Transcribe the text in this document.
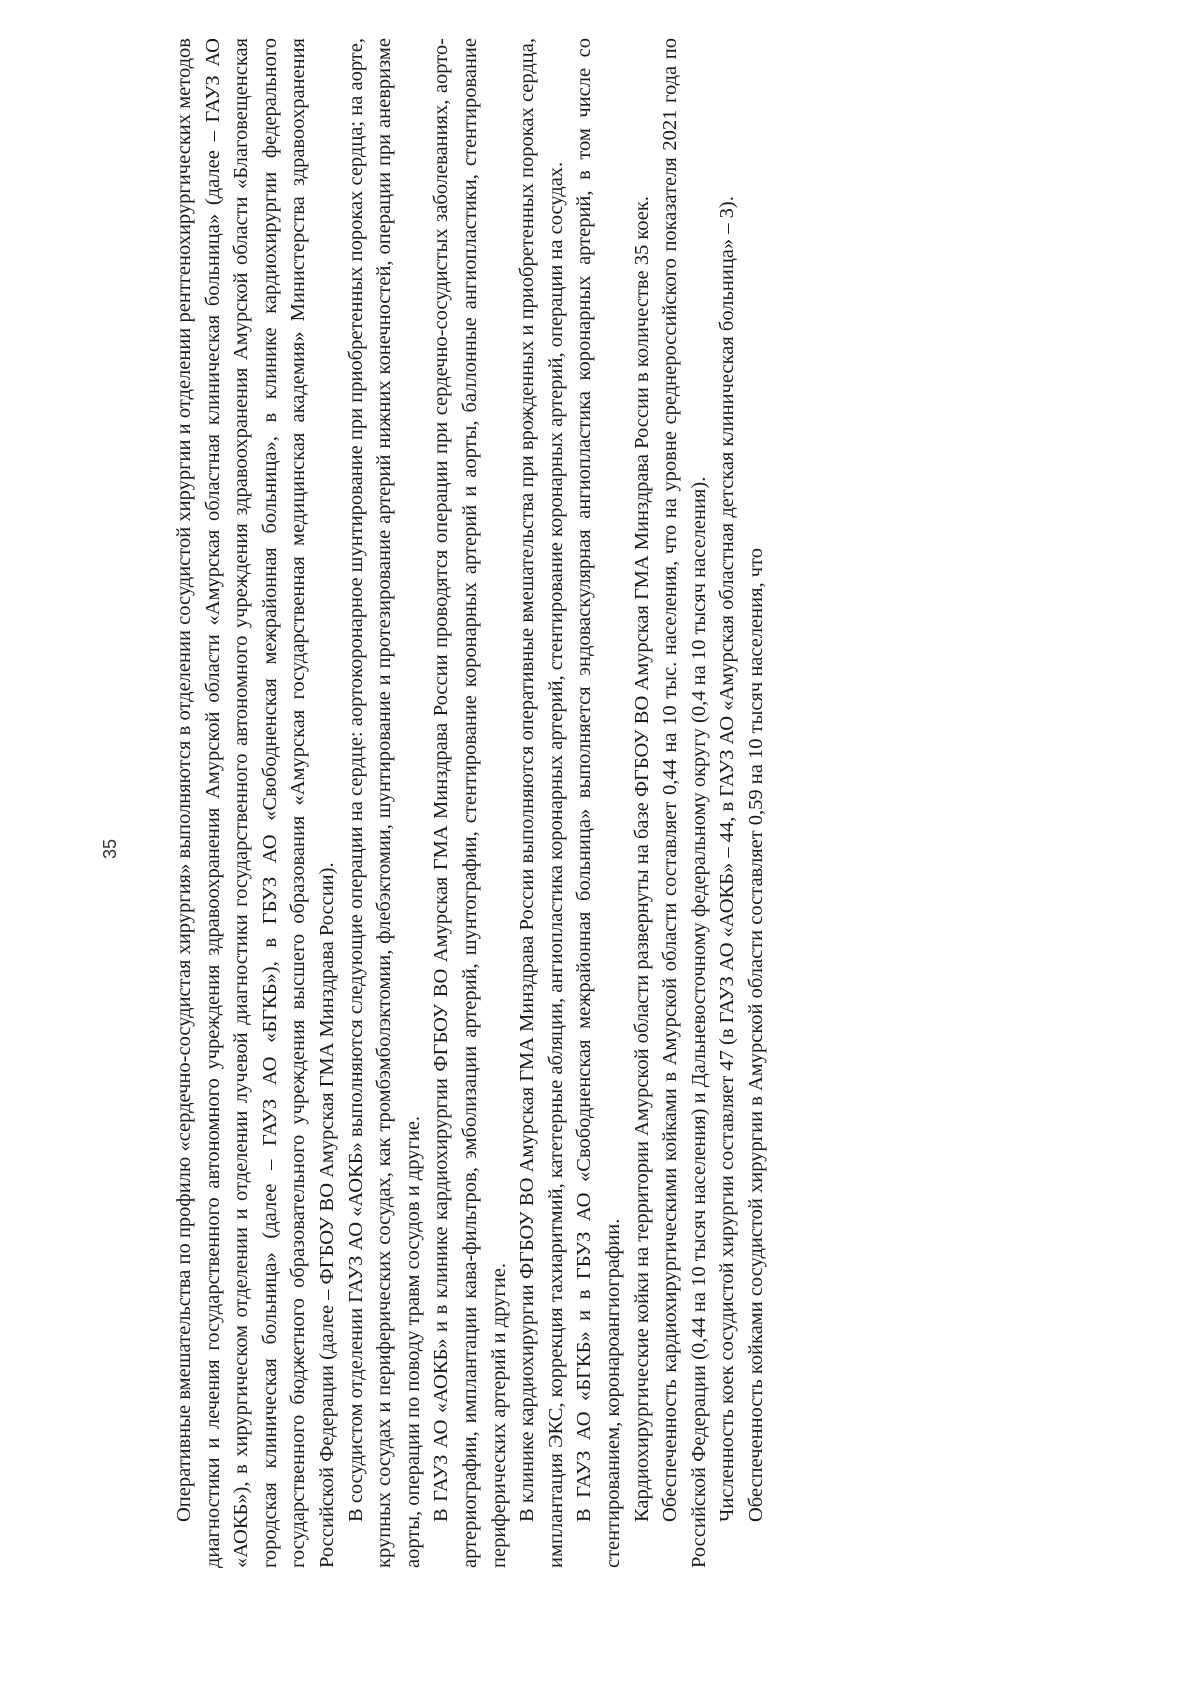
35	Оперативные вмешательства по профилю «сердечно-сосудистая хирургия» выполняются в отделении сосудистой хирургии и отделении рентгенохирургических методов диагностики и лечения государственного автономного учреждения здравоохранения Амурской области «Амурская областная клиническая больница» (далее – ГАУЗ АО «АОКБ»), в хирургическом отделении и отделении лучевой диагностики государственного автономного учреждения здравоохранения Амурской области «Благовещенская городская клиническая больница» (далее – ГАУЗ АО «БГКБ»), в ГБУЗ АО «Свободненская межрайонная больница», в клинике кардиохирургии федерального государственного бюджетного образовательного учреждения высшего образования «Амурская государственная медицинская академия» Министерства здравоохранения Российской Федерации (далее – ФГБОУ ВО Амурская ГМА Минздрава России). В сосудистом отделении ГАУЗ АО «АОКБ» выполняются следующие операции на сердце: аортокоронарное шунтирование при приобретенных пороках сердца; на аорте, крупных сосудах и периферических сосудах, как тромбэмболэктомии, флебэктомии, шунтирование и протезирование артерий нижних конечностей, операции при аневризме аорты, операции по поводу травм сосудов и другие. В ГАУЗ АО «АОКБ» и в клинике кардиохирургии ФГБОУ ВО Амурская ГМА Минздрава России проводятся операции при сердечно-сосудистых заболеваниях, аорто-артериографии, имплантации кава-фильтров, эмболизации артерий, шунтографии, стентирование коронарных артерий и аорты, баллонные ангиопластики, стентирование периферических артерий и другие. В клинике кардиохирургии ФГБОУ ВО Амурская ГМА Минздрава России выполняются оперативные вмешательства при врожденных и приобретенных пороках сердца, имплантация ЭКС, коррекция тахиаритмий, катетерные абляции, ангиопластика коронарных артерий, стентирование коронарных артерий, операции на сосудах. В ГАУЗ АО «БГКБ» и в ГБУЗ АО «Свободненская межрайонная больница» выполняется эндоваскулярная ангиопластика коронарных артерий, в том числе со стентированием, коронароангиографии. Кардиохирургические койки на территории Амурской области развернуты на базе ФГБОУ ВО Амурская ГМА Минздрава России в количестве 35 коек. Обеспеченность кардиохирургическими койками в Амурской области составляет 0,44 на 10 тыс. населения, что на уровне среднероссийского показателя 2021 года по Российской Федерации (0,44 на 10 тысяч населения) и Дальневосточному федеральному округу (0,4 на 10 тысяч населения). Численность коек сосудистой хирургии составляет 47 (в ГАУЗ АО «АОКБ» – 44, в ГАУЗ АО «Амурская областная детская клиническая больница» – 3). Обеспеченность койками сосудистой хирургии в Амурской области составляет 0,59 на 10 тысяч населения, что
